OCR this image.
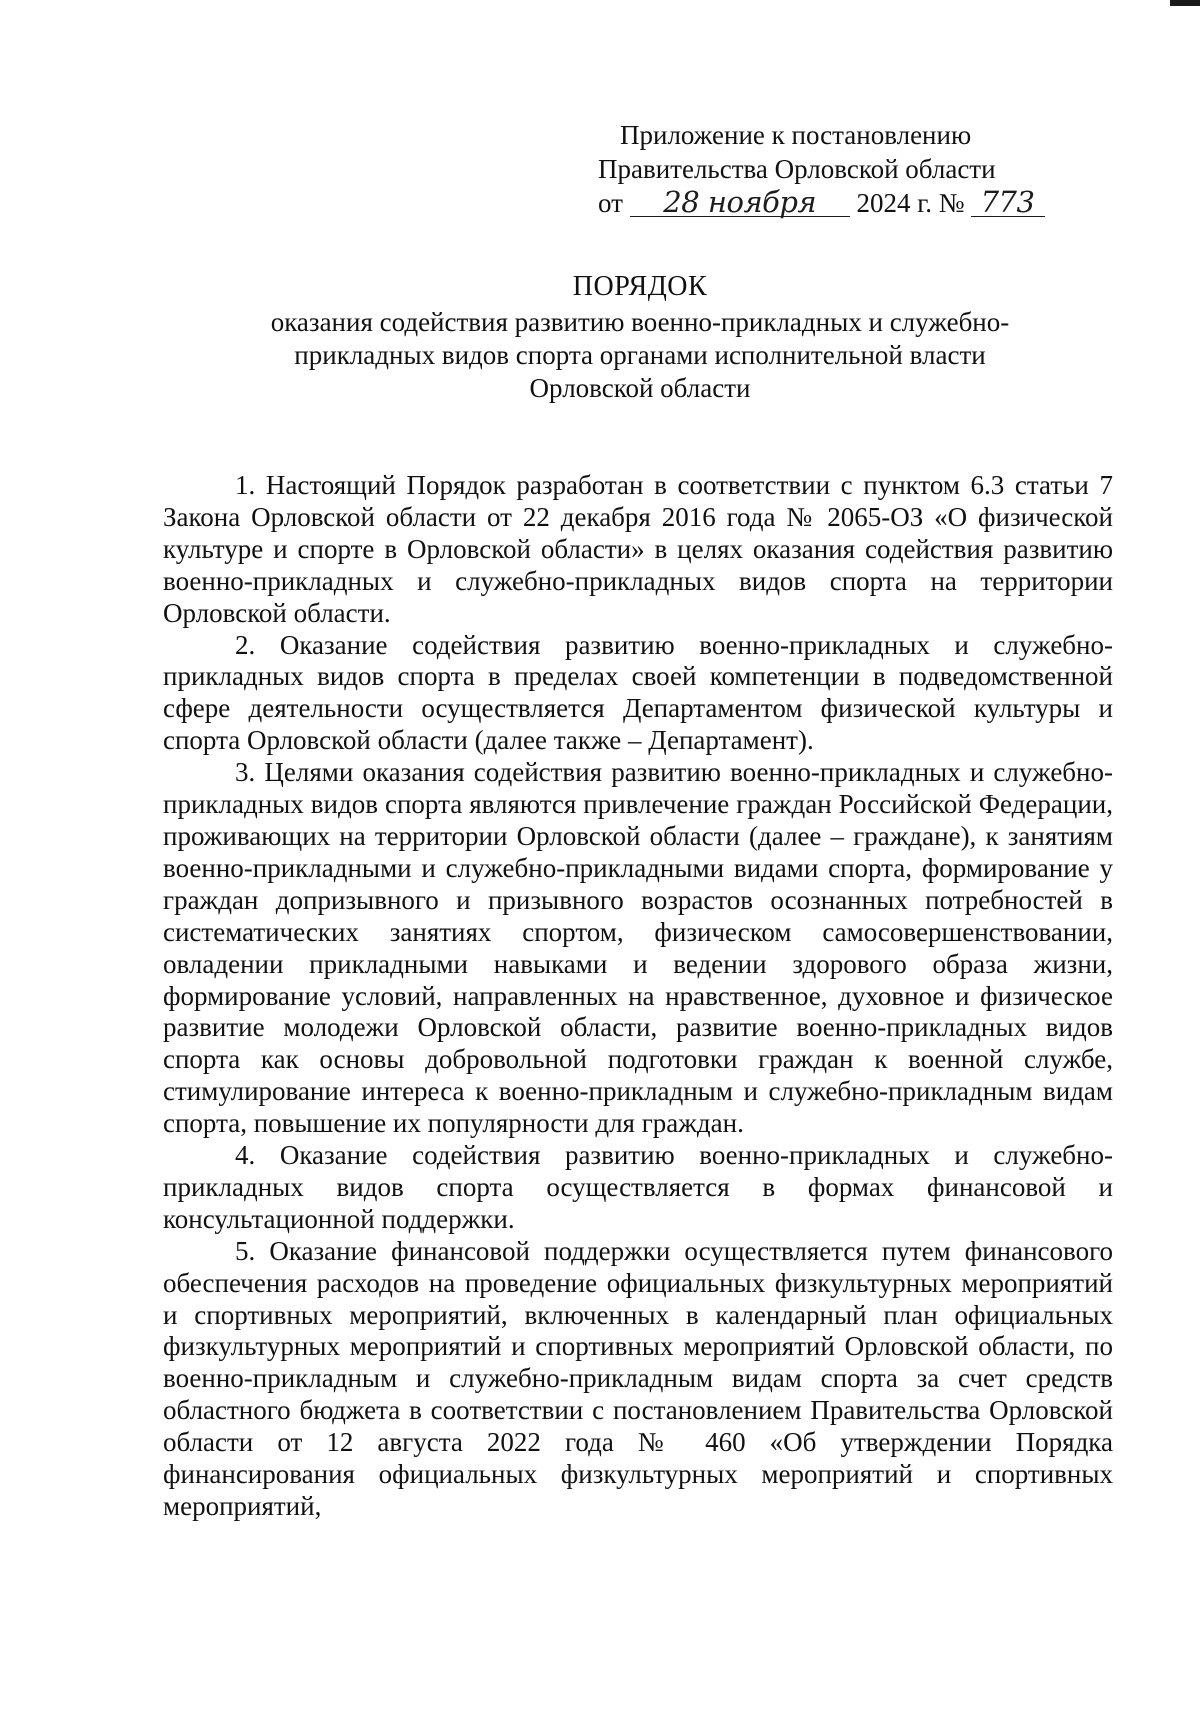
Приложение к постановлению
Правительства Орловской области
от 28 ноября 2024 г. № 773
ПОРЯДОК
оказания содействия развитию военно-прикладных и служебно-
прикладных видов спорта органами исполнительной власти
Орловской области

1. Настоящий Порядок разработан в соответствии с пунктом 6.3 статьи 7 Закона Орловской области от 22 декабря 2016 года № 2065-ОЗ «О физической культуре и спорте в Орловской области» в целях оказания содействия развитию военно-прикладных и служебно-прикладных видов спорта на территории Орловской области.

2. Оказание содействия развитию военно-прикладных и служебно-прикладных видов спорта в пределах своей компетенции в подведомственной сфере деятельности осуществляется Департаментом физической культуры и спорта Орловской области (далее также – Департамент).

3. Целями оказания содействия развитию военно-прикладных и служебно-прикладных видов спорта являются привлечение граждан Российской Федерации, проживающих на территории Орловской области (далее – граждане), к занятиям военно-прикладными и служебно-прикладными видами спорта, формирование у граждан допризывного и призывного возрастов осознанных потребностей в систематических занятиях спортом, физическом самосовершенствовании, овладении прикладными навыками и ведении здорового образа жизни, формирование условий, направленных на нравственное, духовное и физическое развитие молодежи Орловской области, развитие военно-прикладных видов спорта как основы добровольной подготовки граждан к военной службе, стимулирование интереса к военно-прикладным и служебно-прикладным видам спорта, повышение их популярности для граждан.

4. Оказание содействия развитию военно-прикладных и служебно-прикладных видов спорта осуществляется в формах финансовой и консультационной поддержки.

5. Оказание финансовой поддержки осуществляется путем финансового обеспечения расходов на проведение официальных физкультурных мероприятий и спортивных мероприятий, включенных в календарный план официальных физкультурных мероприятий и спортивных мероприятий Орловской области, по военно-прикладным и служебно-прикладным видам спорта за счет средств областного бюджета в соответствии с постановлением Правительства Орловской области от 12 августа 2022 года № 460 «Об утверждении Порядка финансирования официальных физкультурных мероприятий и спортивных мероприятий,
